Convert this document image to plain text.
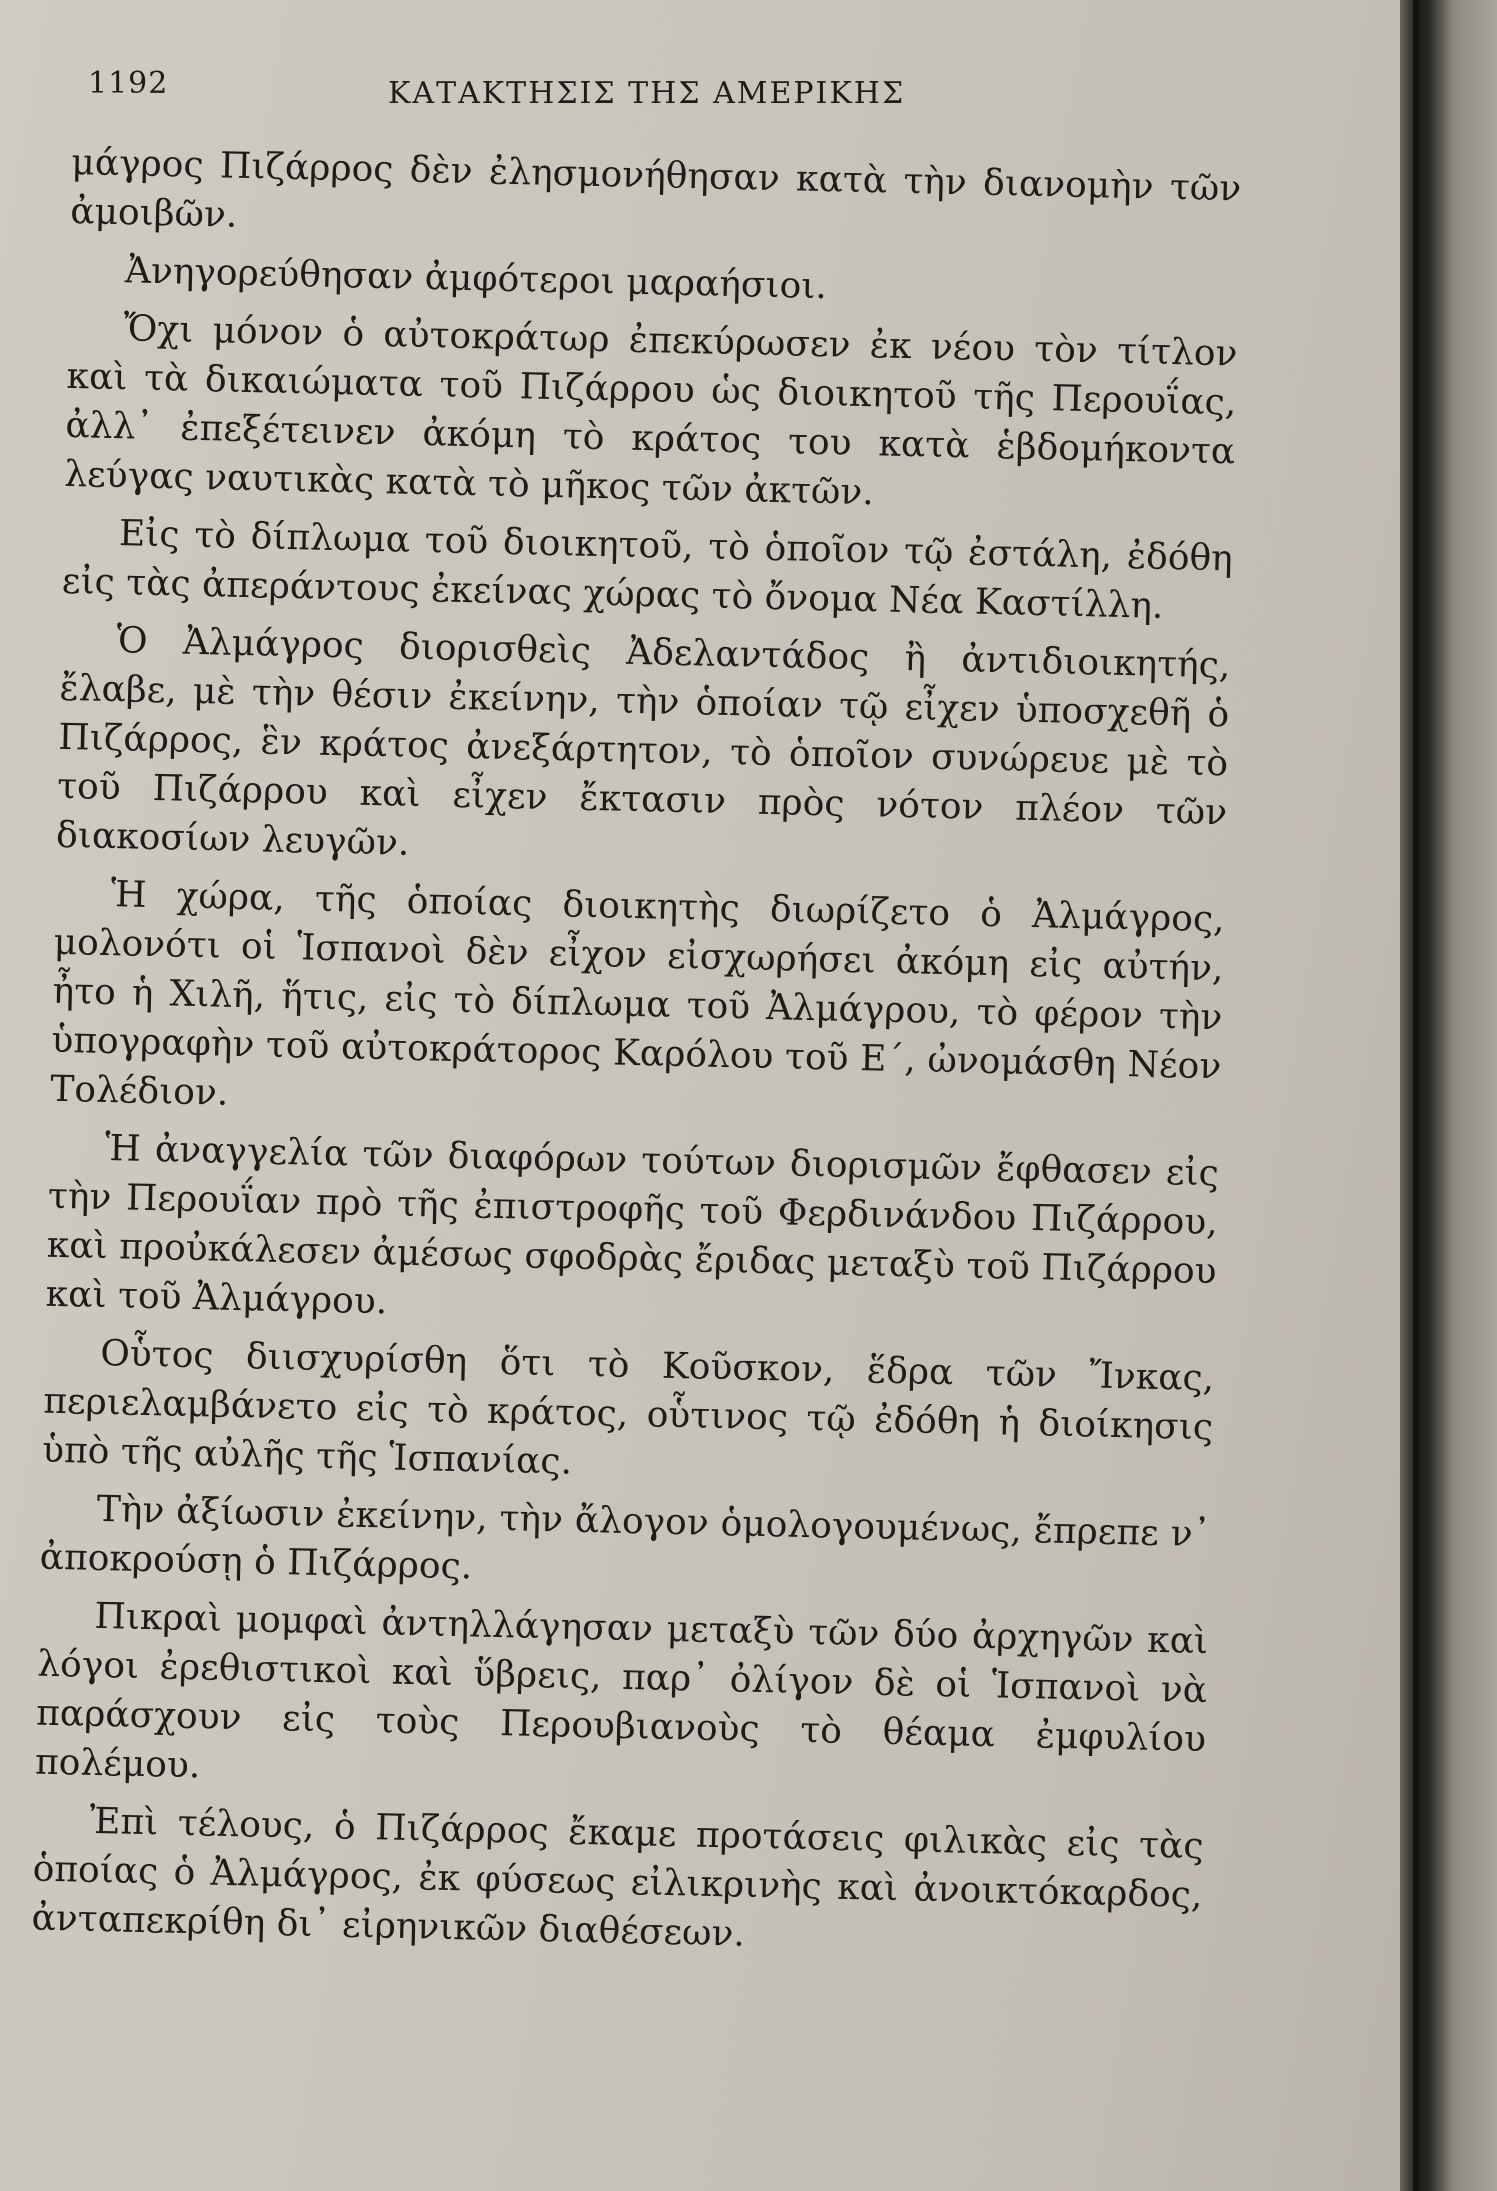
1192	ΚΑΤΑΚΤΗΣΙΣ ΤΗΣ ΑΜΕΡΙΚΗΣ

μάγρος Πιζάρρος δὲν ἐλησμονήθησαν κατὰ τὴν διανομὴν τῶν ἀμοιβῶν.

Ἀνηγορεύθησαν ἀμφότεροι μαραήσιοι.

Ὄχι μόνον ὁ αὐτοκράτωρ ἐπεκύρωσεν ἐκ νέου τὸν τίτλον καὶ τὰ δικαιώματα τοῦ Πιζάρρου ὡς διοικητοῦ τῆς Περουΐας, ἀλλ᾽ ἐπεξέτεινεν ἀκόμη τὸ κράτος του κατὰ ἑβδομήκοντα λεύγας ναυτικὰς κατὰ τὸ μῆκος τῶν ἀκτῶν.

Εἰς τὸ δίπλωμα τοῦ διοικητοῦ, τὸ ὁποῖον τῷ ἐστάλη, ἐδόθη εἰς τὰς ἀπεράντους ἐκείνας χώρας τὸ ὄνομα Νέα Καστίλλη.

Ὁ Ἀλμάγρος διορισθεὶς Ἀδελαντάδος ἢ ἀντιδιοικητής, ἔλαβε, μὲ τὴν θέσιν ἐκείνην, τὴν ὁποίαν τῷ εἶχεν ὑποσχεθῆ ὁ Πιζάρρος, ἓν κράτος ἀνεξάρτητον, τὸ ὁποῖον συνώρευε μὲ τὸ τοῦ Πιζάρρου καὶ εἶχεν ἔκτασιν πρὸς νότον πλέον τῶν διακοσίων λευγῶν.

Ἡ χώρα, τῆς ὁποίας διοικητὴς διωρίζετο ὁ Ἀλμάγρος, μολονότι οἱ Ἱσπανοὶ δὲν εἶχον εἰσχωρήσει ἀκόμη εἰς αὐτήν, ἦτο ἡ Χιλῆ, ἥτις, εἰς τὸ δίπλωμα τοῦ Ἀλμάγρου, τὸ φέρον τὴν ὑπογραφὴν τοῦ αὐτοκράτορος Καρόλου τοῦ Ε΄, ὠνομάσθη Νέον Τολέδιον.

Ἡ ἀναγγελία τῶν διαφόρων τούτων διορισμῶν ἔφθασεν εἰς τὴν Περουΐαν πρὸ τῆς ἐπιστροφῆς τοῦ Φερδινάνδου Πιζάρρου, καὶ προὐκάλεσεν ἀμέσως σφοδρὰς ἔριδας μεταξὺ τοῦ Πιζάρρου καὶ τοῦ Ἀλμάγρου.

Οὗτος διισχυρίσθη ὅτι τὸ Κοῦσκον, ἕδρα τῶν Ἴνκας, περιελαμβάνετο εἰς τὸ κράτος, οὗτινος τῷ ἐδόθη ἡ διοίκησις ὑπὸ τῆς αὐλῆς τῆς Ἱσπανίας.

Τὴν ἀξίωσιν ἐκείνην, τὴν ἄλογον ὁμολογουμένως, ἔπρεπε ν᾽ ἀποκρούσῃ ὁ Πιζάρρος.

Πικραὶ μομφαὶ ἀντηλλάγησαν μεταξὺ τῶν δύο ἀρχηγῶν καὶ λόγοι ἐρεθιστικοὶ καὶ ὕβρεις, παρ᾽ ὀλίγον δὲ οἱ Ἱσπανοὶ νὰ παράσχουν εἰς τοὺς Περουβιανοὺς τὸ θέαμα ἐμφυλίου πολέμου.

Ἐπὶ τέλους, ὁ Πιζάρρος ἔκαμε προτάσεις φιλικὰς εἰς τὰς ὁποίας ὁ Ἀλμάγρος, ἐκ φύσεως εἰλικρινὴς καὶ ἀνοικτόκαρδος, ἀνταπεκρίθη δι᾽ εἰρηνικῶν διαθέσεων.
